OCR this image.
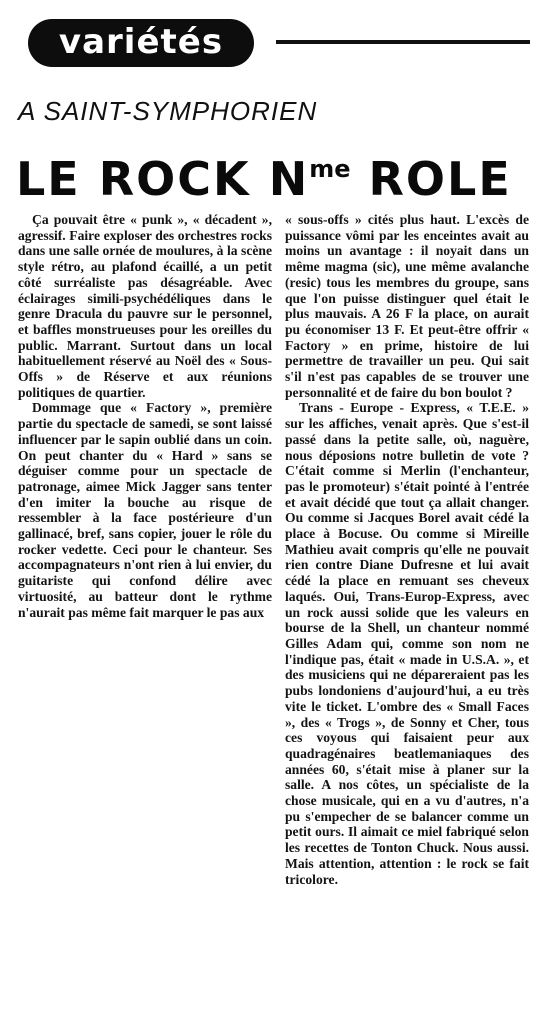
variétés
A SAINT-SYMPHORIEN
LE ROCK $N^{me}$ ROLE

Ça pouvait être « punk », « décadent », agressif. Faire exploser des orchestres rocks dans une salle ornée de moulures, à la scène style rétro, au plafond écaillé, a un petit côté surréaliste pas désagréable. Avec éclairages simili-psychédéliques dans le genre Dracula du pauvre sur le personnel, et baffles monstrueuses pour les oreilles du public. Marrant. Surtout dans un local habituellement réservé au Noël des « Sous-Offs » de Réserve et aux réunions politiques de quartier.

Dommage que « Factory », première partie du spectacle de samedi, se sont laissé influencer par le sapin oublié dans un coin. On peut chanter du « Hard » sans se déguiser comme pour un spectacle de patronage, aimee Mick Jagger sans tenter d'en imiter la bouche au risque de ressembler à la face postérieure d'un gallinacé, bref, sans copier, jouer le rôle du rocker vedette. Ceci pour le chanteur. Ses accompagnateurs n'ont rien à lui envier, du guitariste qui confond délire avec virtuosité, au batteur dont le rythme n'aurait pas même fait marquer le pas aux

« sous-offs » cités plus haut. L'excès de puissance vômi par les enceintes avait au moins un avantage : il noyait dans un même magma (sic), une même avalanche (resic) tous les membres du groupe, sans que l'on puisse distinguer quel était le plus mauvais. A 26 F la place, on aurait pu économiser 13 F. Et peut-être offrir « Factory » en prime, histoire de lui permettre de travailler un peu. Qui sait s'il n'est pas capables de se trouver une personnalité et de faire du bon boulot ?

Trans - Europe - Express, « T.E.E. » sur les affiches, venait après. Que s'est-il passé dans la petite salle, où, naguère, nous déposions notre bulletin de vote ? C'était comme si Merlin (l'enchanteur, pas le promoteur) s'était pointé à l'entrée et avait décidé que tout ça allait changer. Ou comme si Jacques Borel avait cédé la place à Bocuse. Ou comme si Mireille Mathieu avait compris qu'elle ne pouvait rien contre Diane Dufresne et lui avait cédé la place en remuant ses cheveux laqués. Oui, Trans-Europ-Express, avec un rock aussi solide que les valeurs en bourse de la Shell, un chanteur nommé Gilles Adam qui, comme son nom ne l'indique pas, était « made in U.S.A. », et des musiciens qui ne dépareraient pas les pubs londoniens d'aujourd'hui, a eu très vite le ticket. L'ombre des « Small Faces », des « Trogs », de Sonny et Cher, tous ces voyous qui faisaient peur aux quadragénaires beatlemaniaques des années 60, s'était mise à planer sur la salle. A nos côtes, un spécialiste de la chose musicale, qui en a vu d'autres, n'a pu s'empecher de se balancer comme un petit ours. Il aimait ce miel fabriqué selon les recettes de Tonton Chuck. Nous aussi. Mais attention, attention : le rock se fait tricolore.
